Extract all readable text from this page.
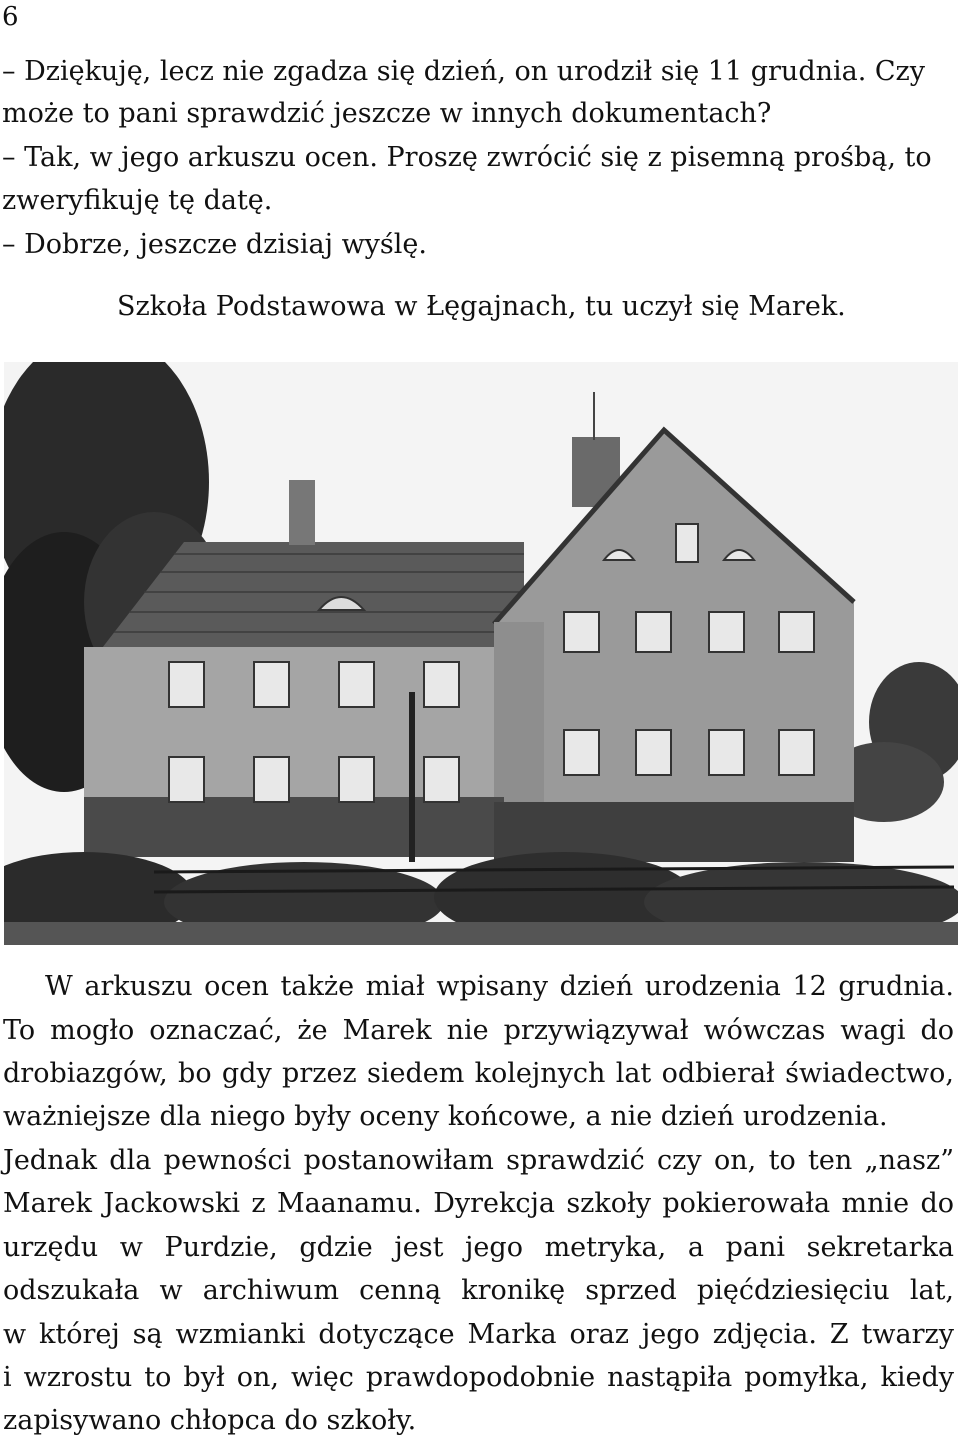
6
– Dziękuję, lecz nie zgadza się dzień, on urodził się 11 grudnia. Czy
może to pani sprawdzić jeszcze w innych dokumentach?
– Tak, w jego arkuszu ocen. Proszę zwrócić się z pisemną prośbą, to
zweryfikuję tę datę.
– Dobrze, jeszcze dzisiaj wyślę.
Szkoła Podstawowa w Łęgajnach, tu uczył się Marek.
W arkuszu ocen także miał wpisany dzień urodzenia 12 grudnia.
To mogło oznaczać, że Marek nie przywiązywał wówczas wagi do
drobiazgów, bo gdy przez siedem kolejnych lat odbierał świadectwo,
ważniejsze dla niego były oceny końcowe, a nie dzień urodzenia.
Jednak dla pewności postanowiłam sprawdzić czy on, to ten „nasz”
Marek Jackowski z Maanamu. Dyrekcja szkoły pokierowała mnie do
urzędu w Purdzie, gdzie jest jego metryka, a pani sekretarka
odszukała w archiwum cenną kronikę sprzed pięćdziesięciu lat,
w której są wzmianki dotyczące Marka oraz jego zdjęcia. Z twarzy
i wzrostu to był on, więc prawdopodobnie nastąpiła pomyłka, kiedy
zapisywano chłopca do szkoły.
